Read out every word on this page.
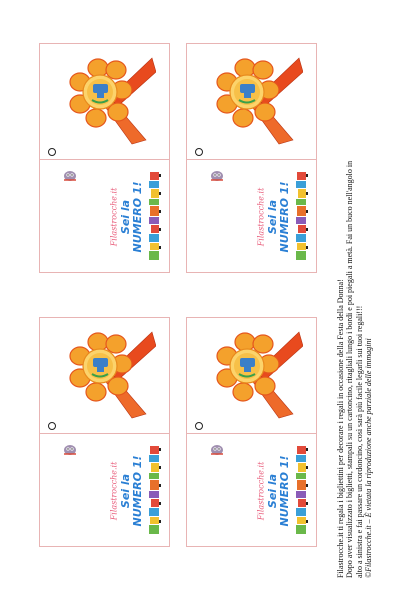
Filastrocche.it Sei la NUMERO 1!	Filastrocche.it Sei la NUMERO 1!
Filastrocche.it Sei la NUMERO 1!	Filastrocche.it Sei la NUMERO 1!	Filastrocche.it ti regala i bigliettini per decorare i regali in occasione della Festa della Donna! Dopo aver visualizzato i biglietti, stampali su un cartoncino, ritagliali lungo i bordi e poi piegali a metà. Fai un buco nell'angolo in alto a sinistra e fai passare un cordoncino, così sarà più facile legarli sui tuoi regali!!! ©Filastrocche.it – È vietata la riproduzione anche parziale delle immagini
